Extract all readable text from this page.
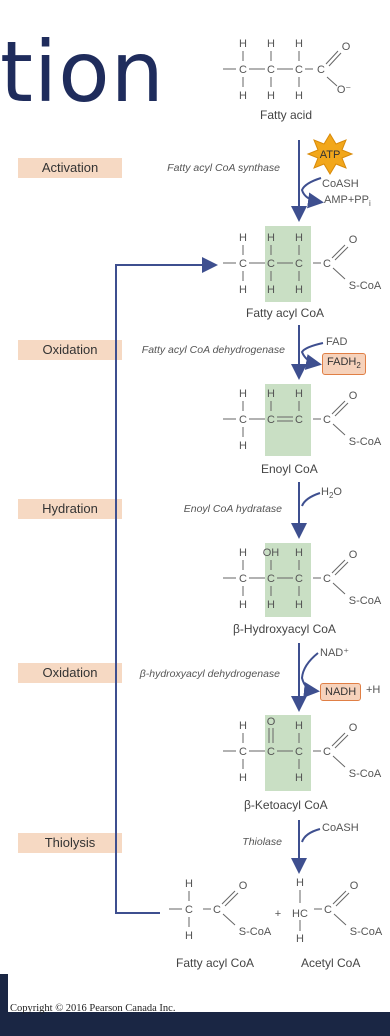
tion
Activation
Oxidation
Hydration
Oxidation
Thiolysis
Fatty acyl CoA synthase
Fatty acyl CoA dehydrogenase
Enoyl CoA hydratase
β-hydroxyacyl dehydrogenase
Thiolase
Fatty acid
Fatty acyl CoA
Enoyl CoA
β-Hydroxyacyl CoA
β-Ketoacyl CoA
Fatty acyl CoA	Acetyl CoA
CoASH
$AMP+PP_i$
FAD
$FADH_2$
$H_2O$
NAD⁺
NADH +H
CoASH
ATP
C
H
H
C
H
H
C
H
H
C
O
O⁻
C
H
H
C
H
H
C
H
H
C
O
S-CoA
C
H
H
C
H
C
H
C
O
S-CoA
C
H
H
C
OH
H
C
H
H
C
O
S-CoA
C
H
H
C C
H
H
O
C
O
S-CoA
C
H
H
C
O
S-CoA
+ HC
H
H
C
O
S-CoA
Copyright © 2016 Pearson Canada Inc.
